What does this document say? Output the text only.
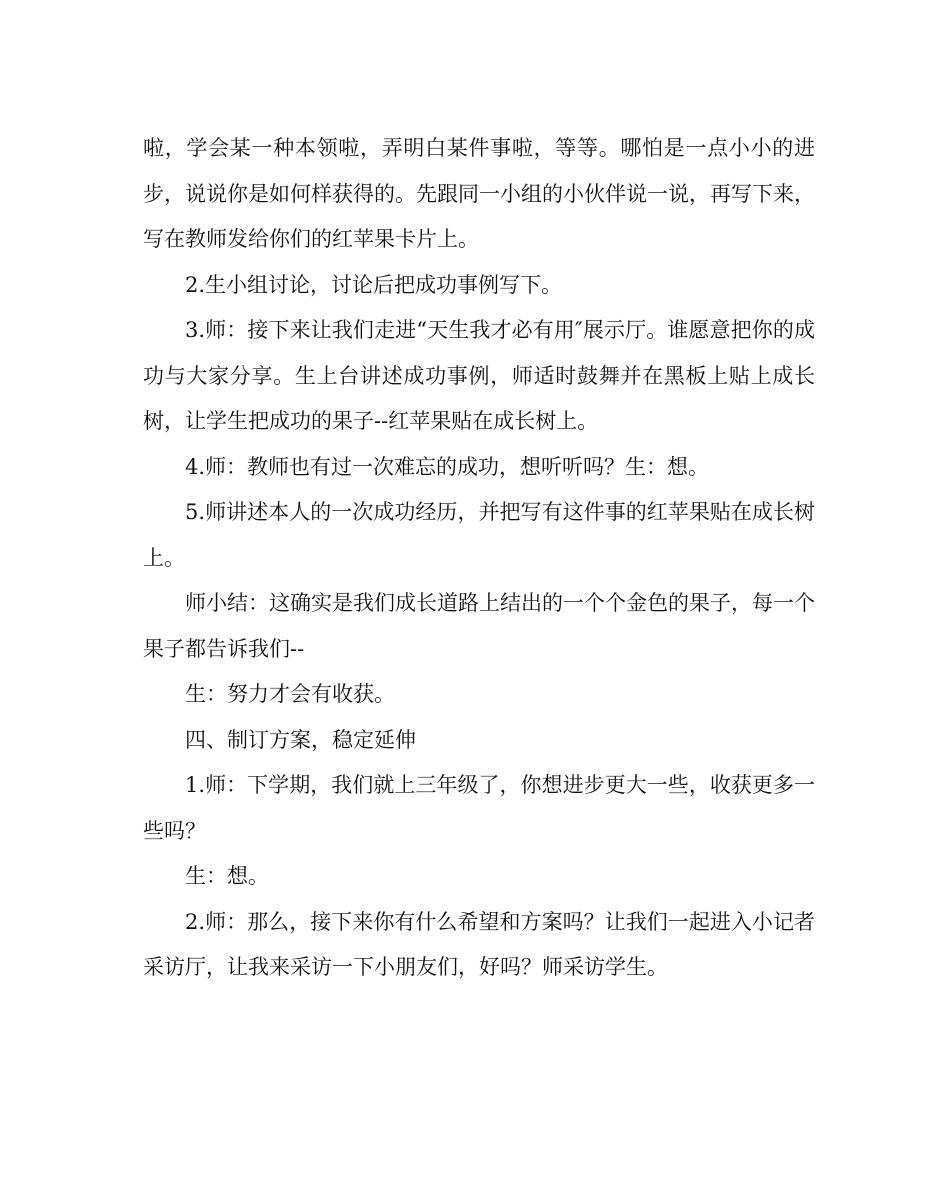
啦，学会某一种本领啦，弄明白某件事啦，等等。哪怕是一点小小的进步，说说你是如何样获得的。先跟同一小组的小伙伴说一说，再写下来，写在教师发给你们的红苹果卡片上。

2.生小组讨论，讨论后把成功事例写下。

3.师：接下来让我们走进“天生我才必有用″展示厅。谁愿意把你的成功与大家分享。生上台讲述成功事例，师适时鼓舞并在黑板上贴上成长树，让学生把成功的果子--红苹果贴在成长树上。

4.师：教师也有过一次难忘的成功，想听听吗？生：想。

5.师讲述本人的一次成功经历，并把写有这件事的红苹果贴在成长树上。

师小结：这确实是我们成长道路上结出的一个个金色的果子，每一个果子都告诉我们--

生：努力才会有收获。

四、制订方案，稳定延伸

1.师：下学期，我们就上三年级了，你想进步更大一些，收获更多一些吗？

生：想。

2.师：那么，接下来你有什么希望和方案吗？让我们一起进入小记者采访厅，让我来采访一下小朋友们，好吗？师采访学生。
